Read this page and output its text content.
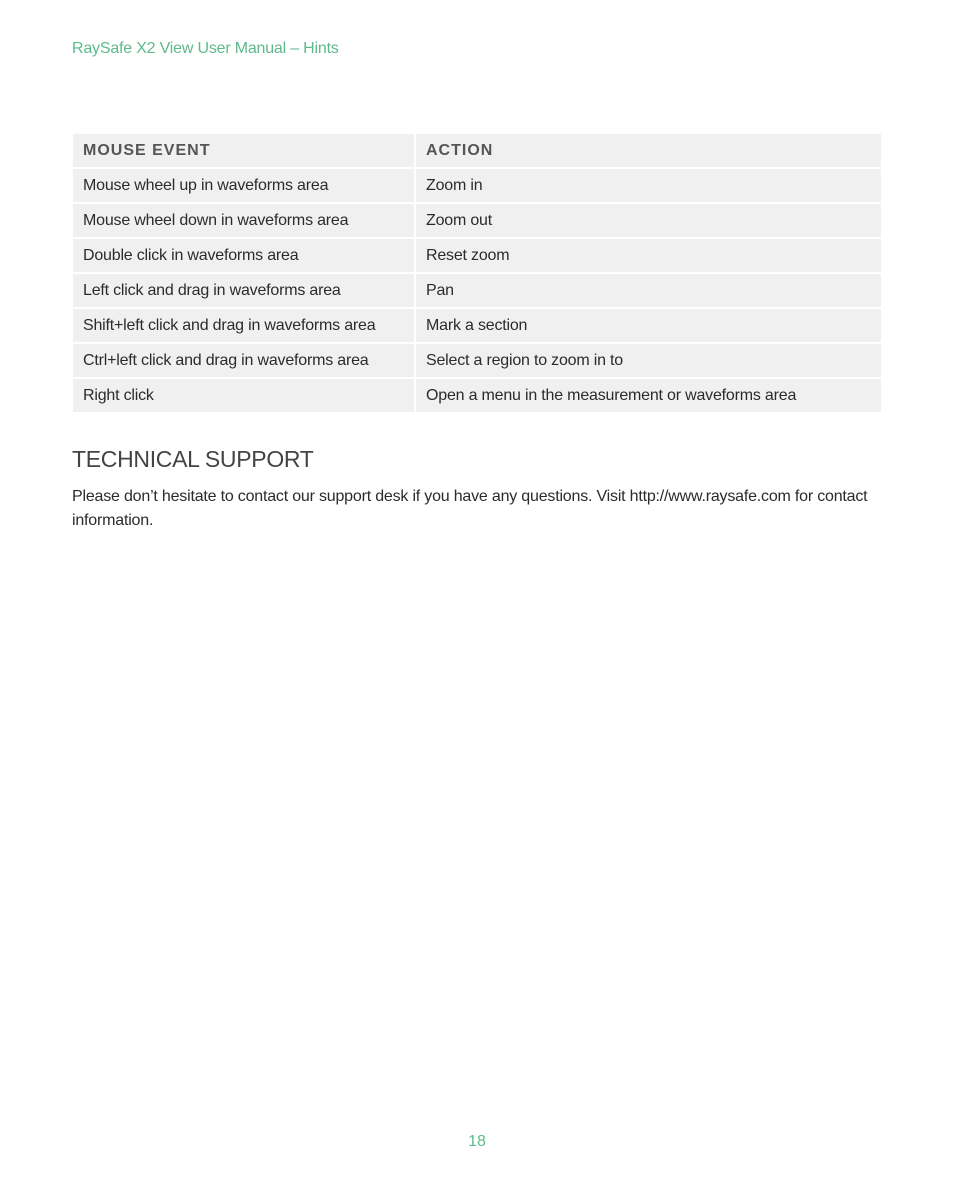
RaySafe X2 View User Manual – Hints
MOUSE EVENT	ACTION
Mouse wheel up in waveforms area	Zoom in
Mouse wheel down in waveforms area	Zoom out
Double click in waveforms area	Reset zoom
Left click and drag in waveforms area	Pan
Shift+left click and drag in waveforms area	Mark a section
Ctrl+left click and drag in waveforms area	Select a region to zoom in to
Right click	Open a menu in the measurement or waveforms area
TECHNICAL SUPPORT

Please don’t hesitate to contact our support desk if you have any questions. Visit http://www.raysafe.com for contact information.

18
